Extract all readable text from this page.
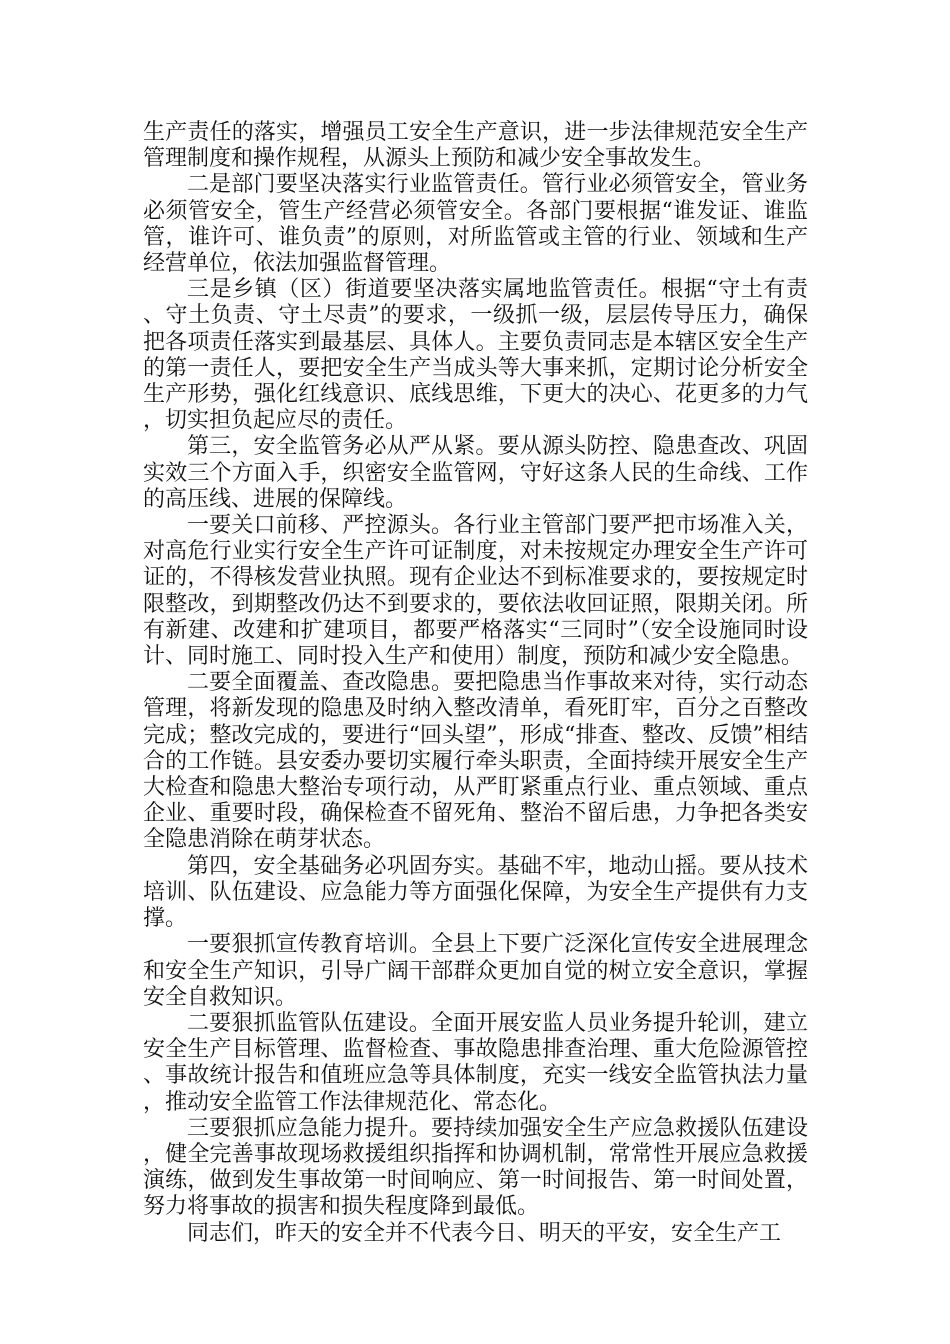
生产责任的落实，增强员工安全生产意识，进一步法律规范安全生产管理制度和操作规程，从源头上预防和减少安全事故发生。

二是部门要坚决落实行业监管责任。管行业必须管安全，管业务必须管安全，管生产经营必须管安全。各部门要根据“谁发证、谁监管，谁许可、谁负责”的原则，对所监管或主管的行业、领域和生产经营单位，依法加强监督管理。

三是乡镇（区）街道要坚决落实属地监管责任。根据“守土有责、守土负责、守土尽责”的要求，一级抓一级，层层传导压力，确保把各项责任落实到最基层、具体人。主要负责同志是本辖区安全生产的第一责任人，要把安全生产当成头等大事来抓，定期讨论分析安全生产形势，强化红线意识、底线思维，下更大的决心、花更多的力气，切实担负起应尽的责任。

第三，安全监管务必从严从紧。要从源头防控、隐患查改、巩固实效三个方面入手，织密安全监管网，守好这条人民的生命线、工作的高压线、进展的保障线。

一要关口前移、严控源头。各行业主管部门要严把市场准入关，对高危行业实行安全生产许可证制度，对未按规定办理安全生产许可证的，不得核发营业执照。现有企业达不到标准要求的，要按规定时限整改，到期整改仍达不到要求的，要依法收回证照，限期关闭。所有新建、改建和扩建项目，都要严格落实“三同时”（安全设施同时设计、同时施工、同时投入生产和使用）制度，预防和减少安全隐患。

二要全面覆盖、查改隐患。要把隐患当作事故来对待，实行动态管理，将新发现的隐患及时纳入整改清单，看死盯牢，百分之百整改完成；整改完成的，要进行“回头望”，形成“排查、整改、反馈”相结合的工作链。县安委办要切实履行牵头职责，全面持续开展安全生产大检查和隐患大整治专项行动，从严盯紧重点行业、重点领域、重点企业、重要时段，确保检查不留死角、整治不留后患，力争把各类安全隐患消除在萌芽状态。

第四，安全基础务必巩固夯实。基础不牢，地动山摇。要从技术培训、队伍建设、应急能力等方面强化保障，为安全生产提供有力支撑。

一要狠抓宣传教育培训。全县上下要广泛深化宣传安全进展理念和安全生产知识，引导广阔干部群众更加自觉的树立安全意识，掌握安全自救知识。

二要狠抓监管队伍建设。全面开展安监人员业务提升轮训，建立安全生产目标管理、监督检查、事故隐患排查治理、重大危险源管控、事故统计报告和值班应急等具体制度，充实一线安全监管执法力量，推动安全监管工作法律规范化、常态化。

三要狠抓应急能力提升。要持续加强安全生产应急救援队伍建设，健全完善事故现场救援组织指挥和协调机制，常常性开展应急救援演练，做到发生事故第一时间响应、第一时间报告、第一时间处置，努力将事故的损害和损失程度降到最低。

同志们，昨天的安全并不代表今日、明天的平安，安全生产工
